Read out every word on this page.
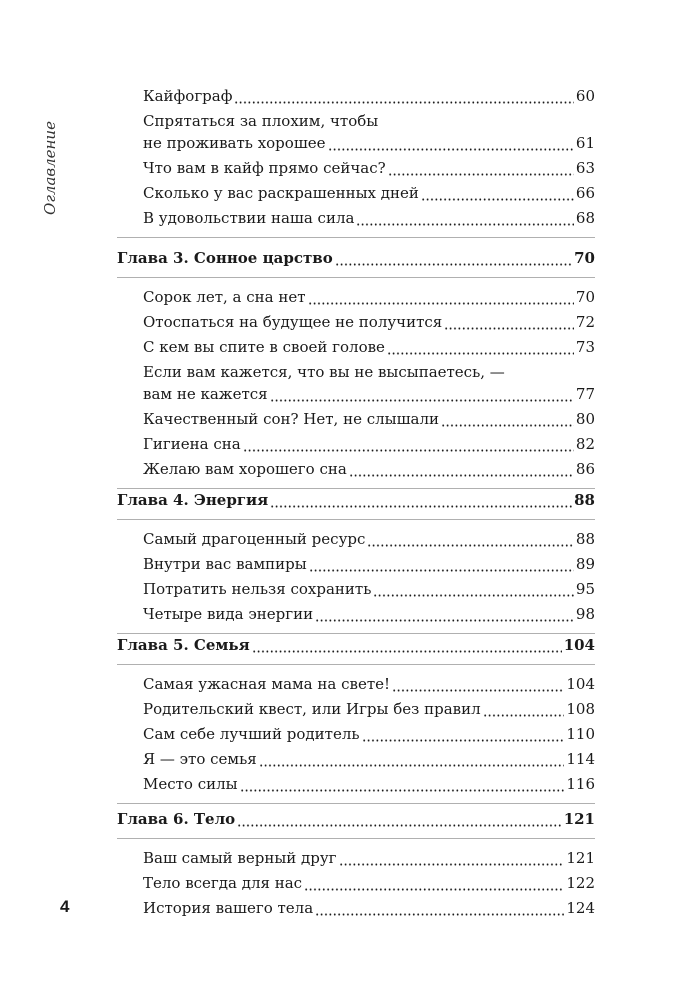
Оглавление
Кайфограф	60
Спрятаться за плохим, чтобы
не проживать хорошее	61
Что вам в кайф прямо сейчас?	63
Сколько у вас раскрашенных дней	66
В удовольствии наша сила	68
Глава 3. Сонное царство	70
Сорок лет, а сна нет	70
Отоспаться на будущее не получится	72
С кем вы спите в своей голове	73
Если вам кажется, что вы не высыпаетесь, —
вам не кажется	77
Качественный сон? Нет, не слышали	80
Гигиена сна	82
Желаю вам хорошего сна	86
Глава 4. Энергия	88
Самый драгоценный ресурс	88
Внутри вас вампиры	89
Потратить нельзя сохранить	95
Четыре вида энергии	98
Глава 5. Семья	104
Самая ужасная мама на свете!	104
Родительский квест, или Игры без правил	108
Сам себе лучший родитель	110
Я — это семья	114
Место силы	116
Глава 6. Тело	121
Ваш самый верный друг	121
Тело всегда для нас	122
История вашего тела	124
4
